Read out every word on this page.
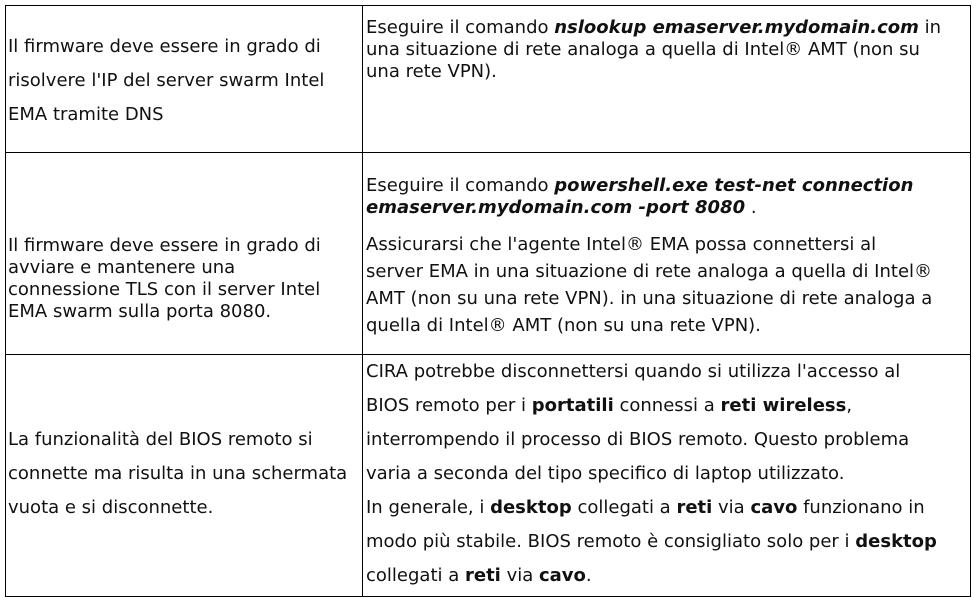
Il firmware deve essere in grado di

risolvere l'IP del server swarm Intel

EMA tramite DNS

Eseguire il comando nslookup emaserver.mydomain.com in

una situazione di rete analoga a quella di Intel® AMT (non su

una rete VPN).

Il firmware deve essere in grado di

avviare e mantenere una

connessione TLS con il server Intel

EMA swarm sulla porta 8080.

Eseguire il comando powershell.exe test-net connection

emaserver.mydomain.com -port 8080 .

Assicurarsi che l'agente Intel® EMA possa connettersi al

server EMA in una situazione di rete analoga a quella di Intel®

AMT (non su una rete VPN). in una situazione di rete analoga a

quella di Intel® AMT (non su una rete VPN).

La funzionalità del BIOS remoto si

connette ma risulta in una schermata

vuota e si disconnette.

CIRA potrebbe disconnettersi quando si utilizza l'accesso al

BIOS remoto per i portatili connessi a reti wireless,

interrompendo il processo di BIOS remoto. Questo problema

varia a seconda del tipo specifico di laptop utilizzato.

In generale, i desktop collegati a reti via cavo funzionano in

modo più stabile. BIOS remoto è consigliato solo per i desktop

collegati a reti via cavo.
